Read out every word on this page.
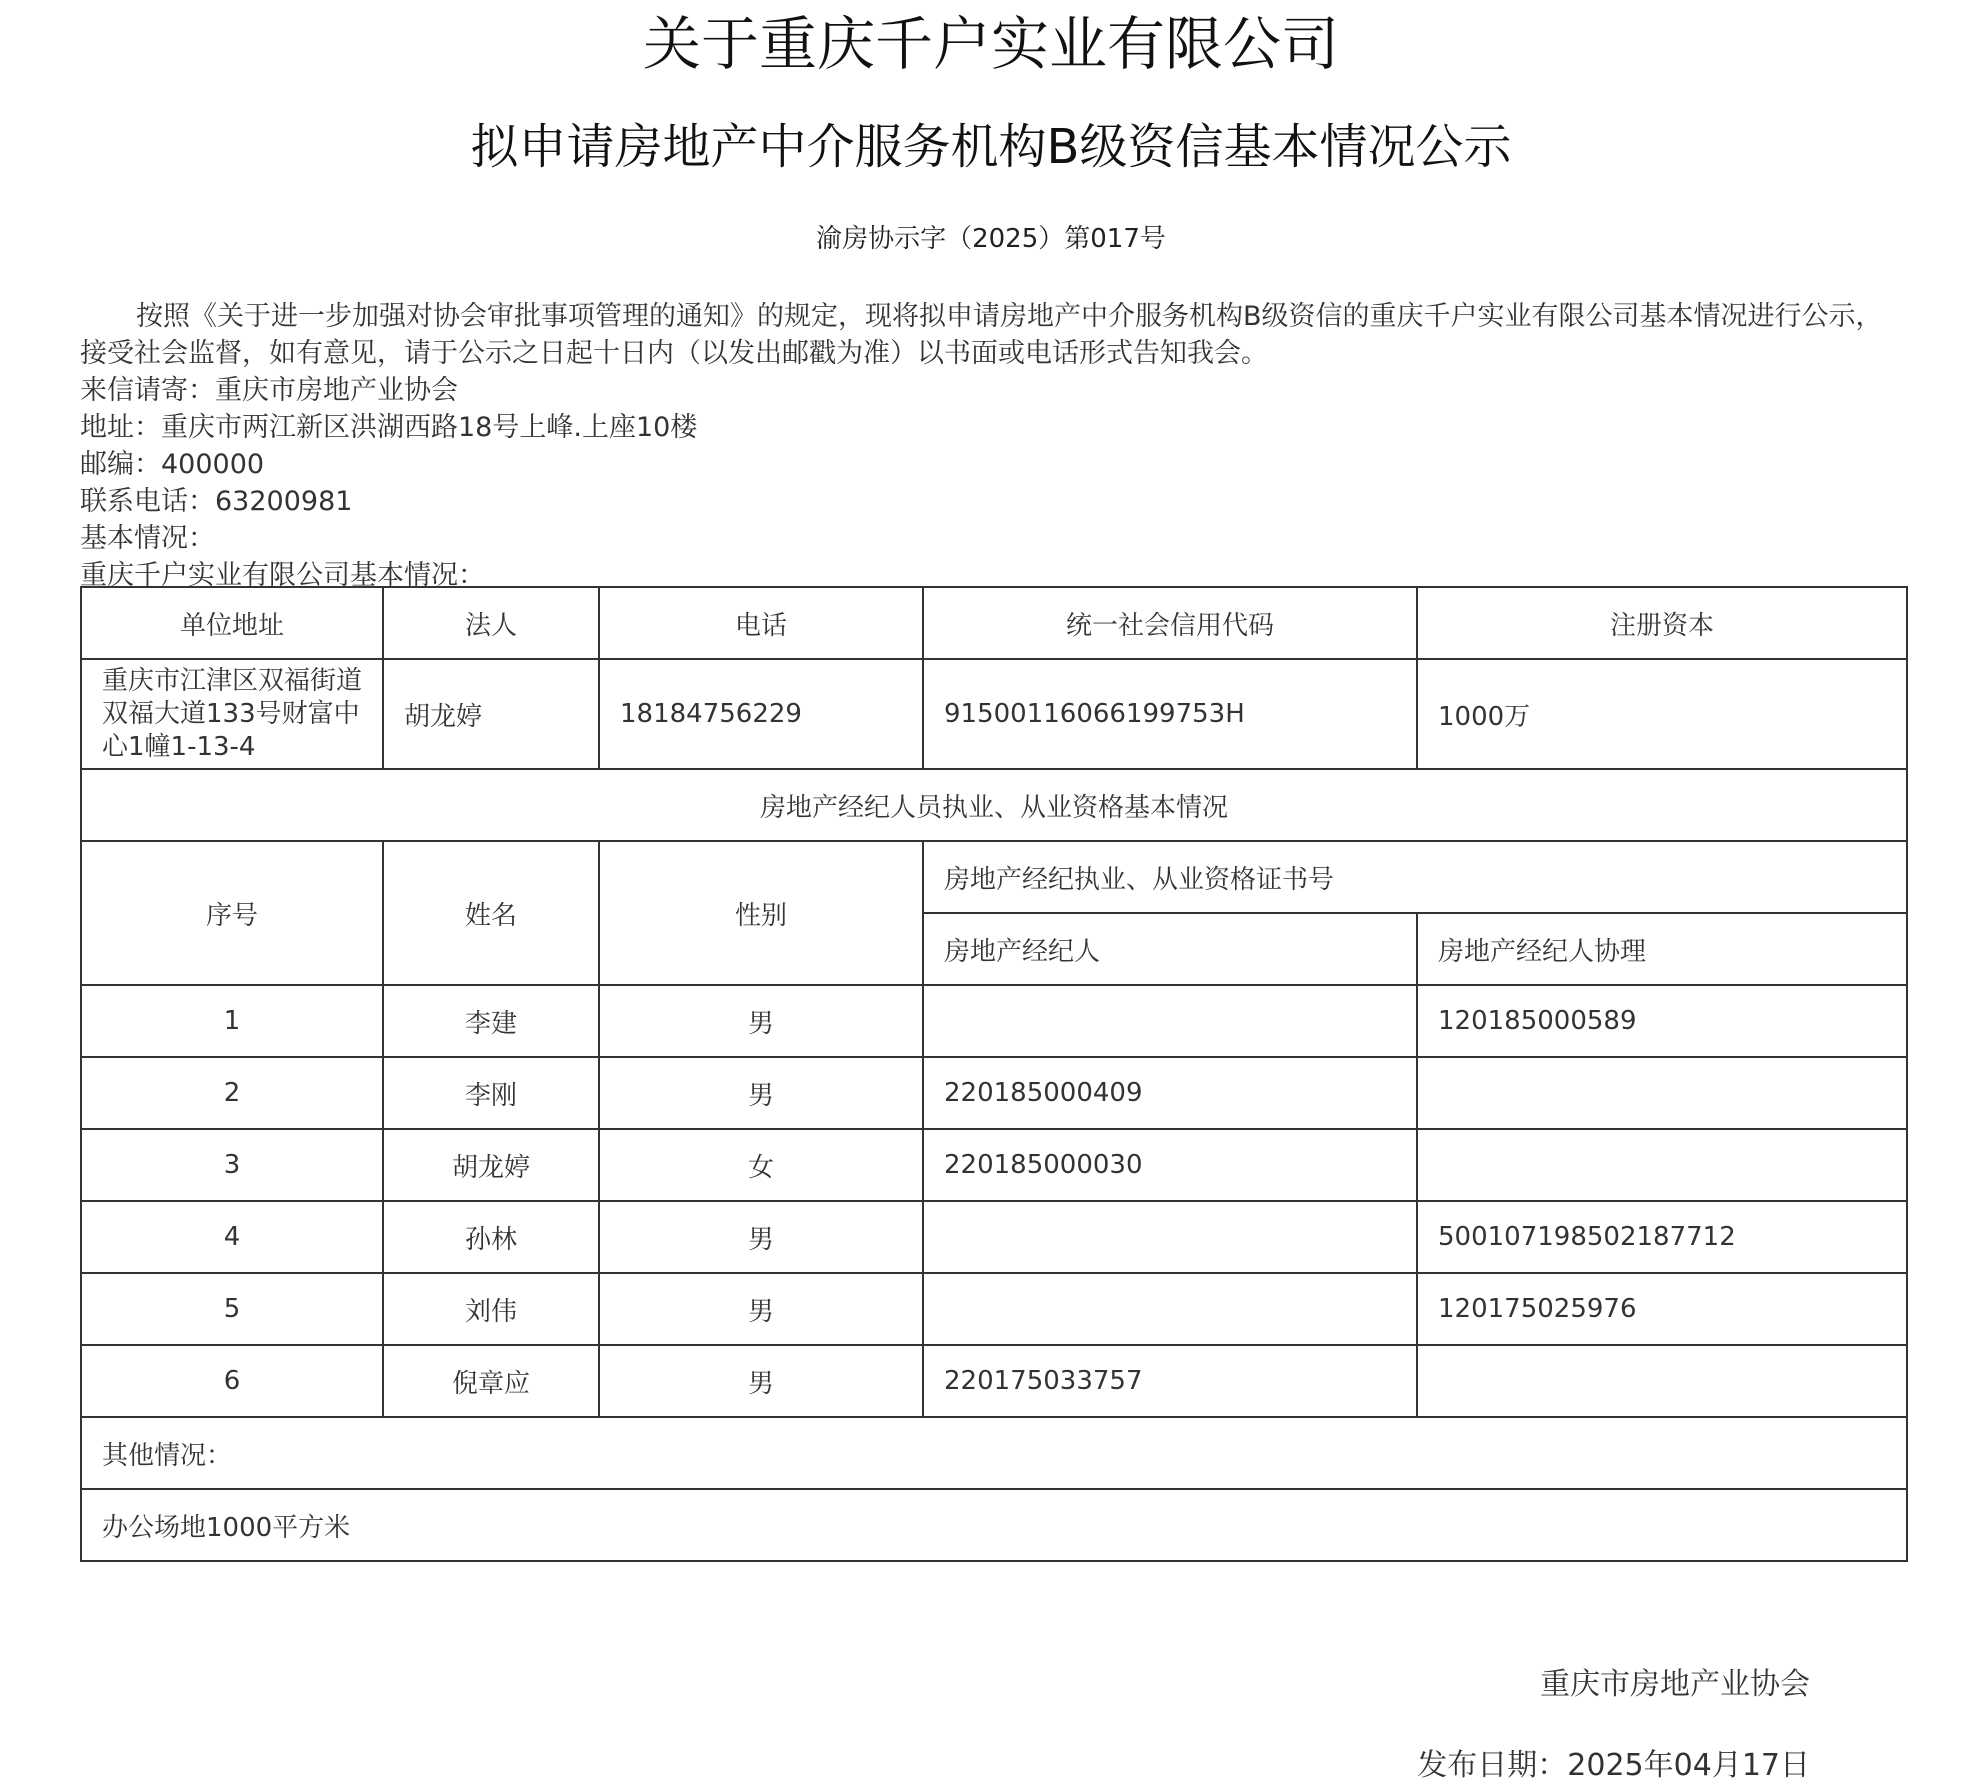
关于重庆千户实业有限公司
拟申请房地产中介服务机构B级资信基本情况公示
渝房协示字（2025）第017号

按照《关于进一步加强对协会审批事项管理的通知》的规定，现将拟申请房地产中介服务机构B级资信的重庆千户实业有限公司基本情况进行公示，接受社会监督，如有意见，请于公示之日起十日内（以发出邮戳为准）以书面或电话形式告知我会。

来信请寄：重庆市房地产业协会

地址：重庆市两江新区洪湖西路18号上峰.上座10楼

邮编：400000

联系电话：63200981

基本情况：

重庆千户实业有限公司基本情况：

单位地址	法人	电话	统一社会信用代码	注册资本
重庆市江津区双福街道双福大道133号财富中心1幢1-13-4	胡龙婷	18184756229	91500116066199753H	1000万
房地产经纪人员执业、从业资格基本情况				
序号	姓名	性别	房地产经纪执业、从业资格证书号	
			房地产经纪人	房地产经纪人协理
1	李建	男		120185000589
2	李刚	男	220185000409	
3	胡龙婷	女	220185000030	
4	孙林	男		500107198502187712
5	刘伟	男		120175025976
6	倪章应	男	220175033757	
其他情况：				
办公场地1000平方米				
重庆市房地产业协会
发布日期：2025年04月17日
